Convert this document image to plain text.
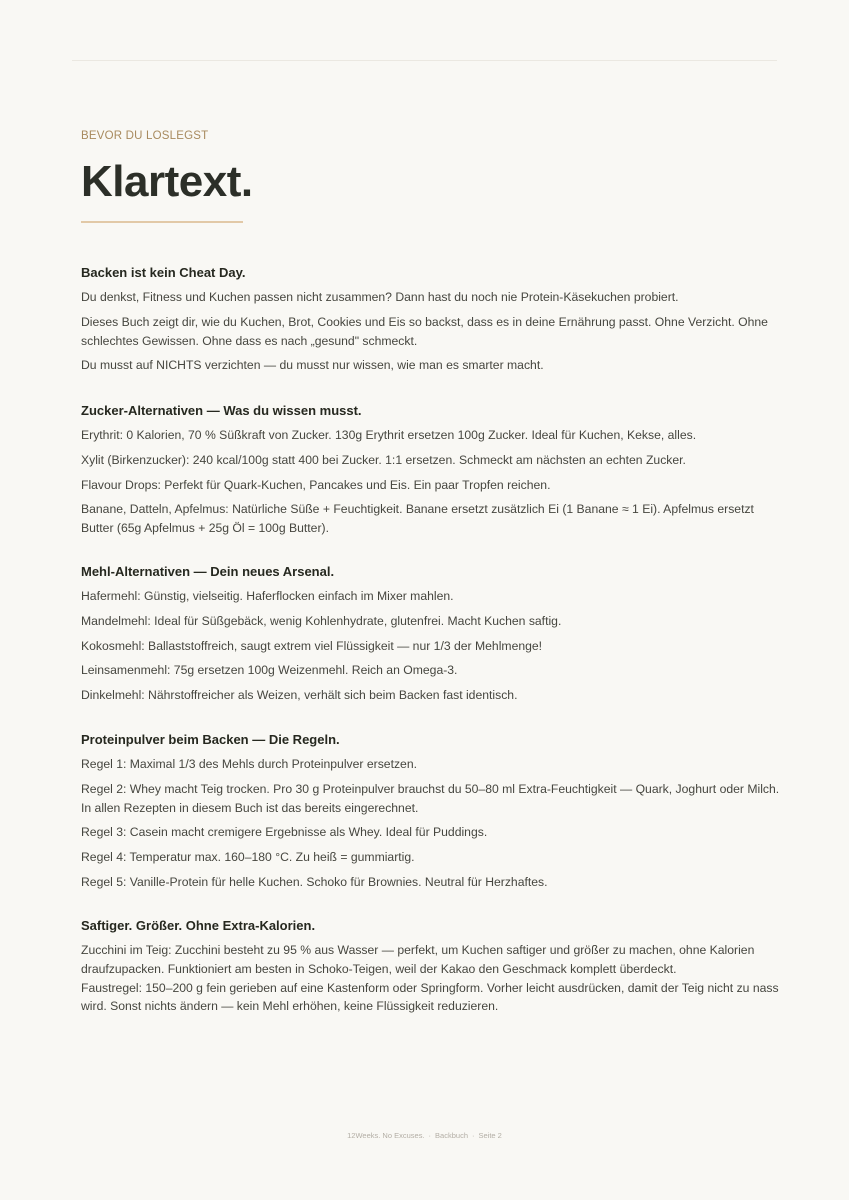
BEVOR DU LOSLEGST
Klartext.
Backen ist kein Cheat Day.

Du denkst, Fitness und Kuchen passen nicht zusammen? Dann hast du noch nie Protein-Käsekuchen probiert.

Dieses Buch zeigt dir, wie du Kuchen, Brot, Cookies und Eis so backst, dass es in deine Ernährung passt. Ohne Verzicht. Ohne schlechtes Gewissen. Ohne dass es nach „gesund" schmeckt.

Du musst auf NICHTS verzichten — du musst nur wissen, wie man es smarter macht.

Zucker-Alternativen — Was du wissen musst.

Erythrit: 0 Kalorien, 70 % Süßkraft von Zucker. 130g Erythrit ersetzen 100g Zucker. Ideal für Kuchen, Kekse, alles.

Xylit (Birkenzucker): 240 kcal/100g statt 400 bei Zucker. 1:1 ersetzen. Schmeckt am nächsten an echten Zucker.

Flavour Drops: Perfekt für Quark-Kuchen, Pancakes und Eis. Ein paar Tropfen reichen.

Banane, Datteln, Apfelmus: Natürliche Süße + Feuchtigkeit. Banane ersetzt zusätzlich Ei (1 Banane ≈ 1 Ei). Apfelmus ersetzt Butter (65g Apfelmus + 25g Öl = 100g Butter).

Mehl-Alternativen — Dein neues Arsenal.

Hafermehl: Günstig, vielseitig. Haferflocken einfach im Mixer mahlen.

Mandelmehl: Ideal für Süßgebäck, wenig Kohlenhydrate, glutenfrei. Macht Kuchen saftig.

Kokosmehl: Ballaststoffreich, saugt extrem viel Flüssigkeit — nur 1/3 der Mehlmenge!

Leinsamenmehl: 75g ersetzen 100g Weizenmehl. Reich an Omega-3.

Dinkelmehl: Nährstoffreicher als Weizen, verhält sich beim Backen fast identisch.

Proteinpulver beim Backen — Die Regeln.

Regel 1: Maximal 1/3 des Mehls durch Proteinpulver ersetzen.

Regel 2: Whey macht Teig trocken. Pro 30 g Proteinpulver brauchst du 50–80 ml Extra-Feuchtigkeit — Quark, Joghurt oder Milch. In allen Rezepten in diesem Buch ist das bereits eingerechnet.

Regel 3: Casein macht cremigere Ergebnisse als Whey. Ideal für Puddings.

Regel 4: Temperatur max. 160–180 °C. Zu heiß = gummiartig.

Regel 5: Vanille-Protein für helle Kuchen. Schoko für Brownies. Neutral für Herzhaftes.

Saftiger. Größer. Ohne Extra-Kalorien.

Zucchini im Teig: Zucchini besteht zu 95 % aus Wasser — perfekt, um Kuchen saftiger und größer zu machen, ohne Kalorien draufzupacken. Funktioniert am besten in Schoko-Teigen, weil der Kakao den Geschmack komplett überdeckt.

Faustregel: 150–200 g fein gerieben auf eine Kastenform oder Springform. Vorher leicht ausdrücken, damit der Teig nicht zu nass wird. Sonst nichts ändern — kein Mehl erhöhen, keine Flüssigkeit reduzieren.

12Weeks. No Excuses. · Backbuch · Seite 2
